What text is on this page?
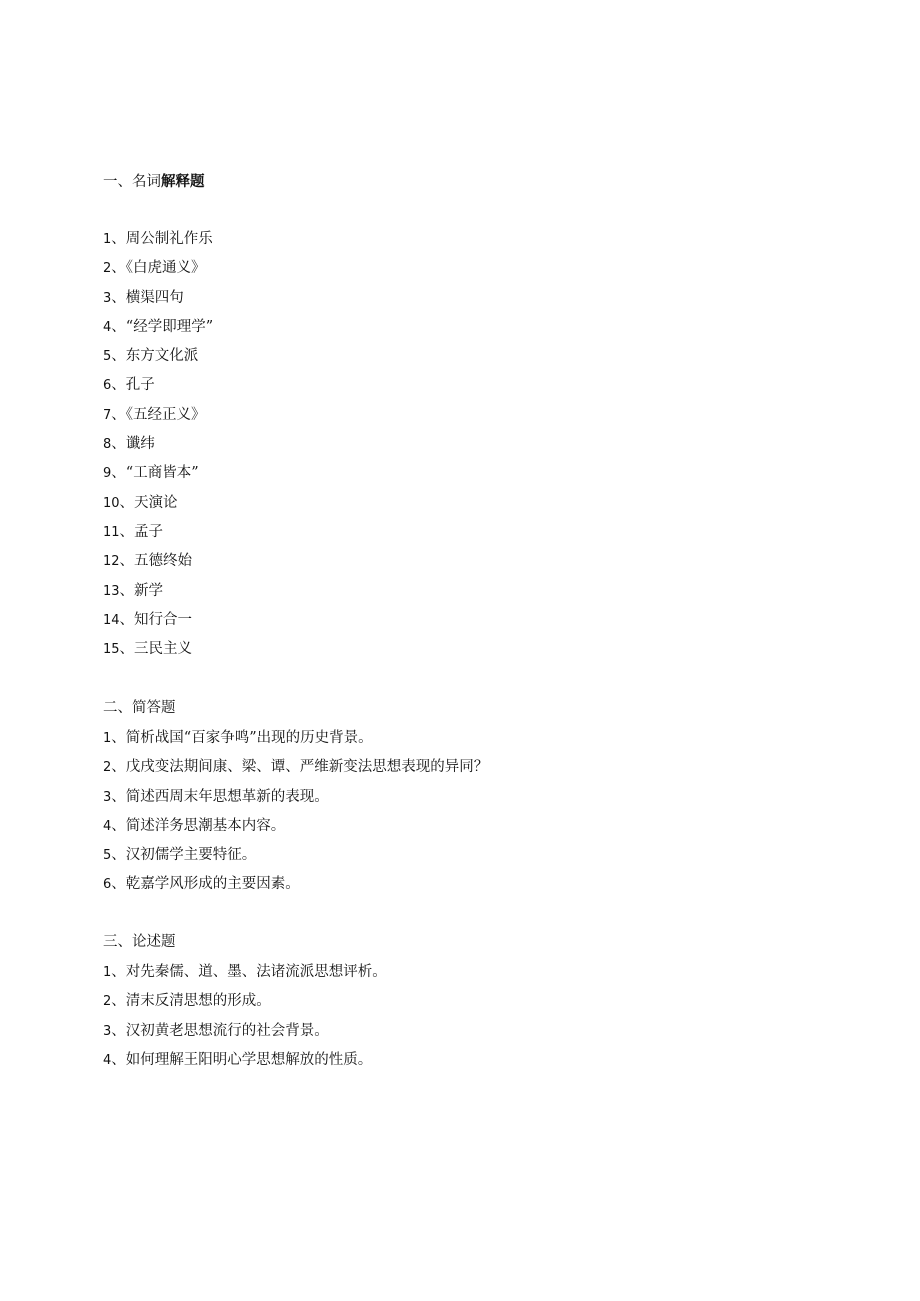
一、名词解释题
1、周公制礼作乐
2、《白虎通义》
3、横渠四句
4、“经学即理学”
5、东方文化派
6、孔子
7、《五经正义》
8、谶纬
9、“工商皆本”
10、天演论
11、孟子
12、五德终始
13、新学
14、知行合一
15、三民主义
二、简答题
1、简析战国“百家争鸣”出现的历史背景。
2、戊戌变法期间康、梁、谭、严维新变法思想表现的异同？
3、简述西周末年思想革新的表现。
4、简述洋务思潮基本内容。
5、汉初儒学主要特征。
6、乾嘉学风形成的主要因素。
三、论述题
1、对先秦儒、道、墨、法诸流派思想评析。
2、清末反清思想的形成。
3、汉初黄老思想流行的社会背景。
4、如何理解王阳明心学思想解放的性质。
